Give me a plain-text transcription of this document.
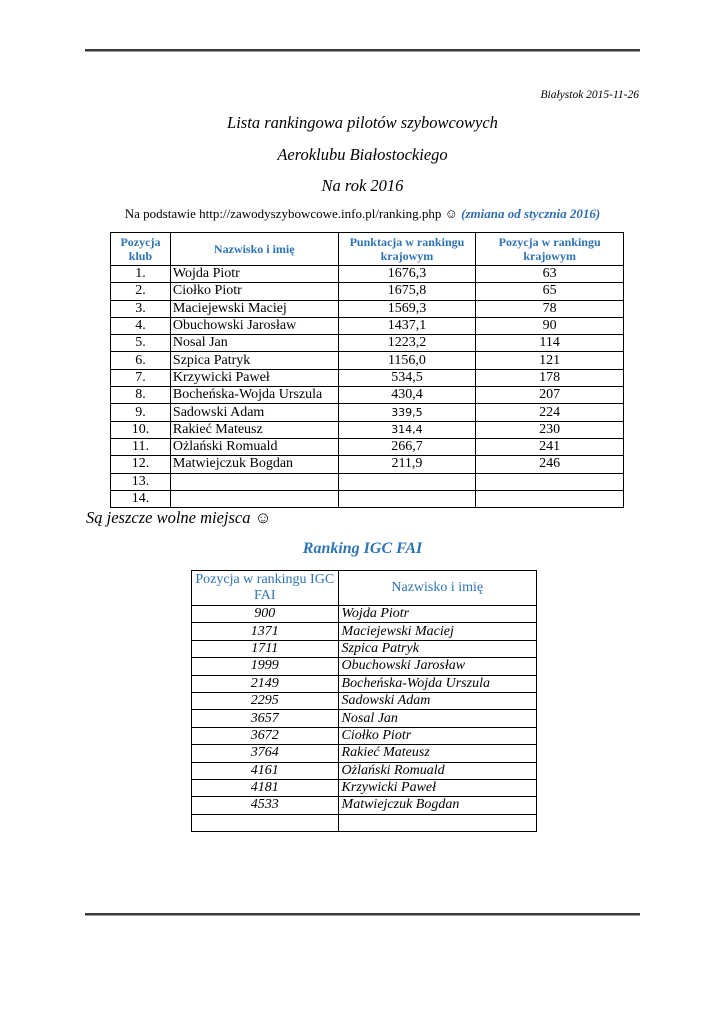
Białystok 2015-11-26
Lista rankingowa pilotów szybowcowych
Aeroklubu Białostockiego
Na rok 2016
Na podstawie http://zawodyszybowcowe.info.pl/ranking.php ☺ (zmiana od stycznia 2016)
Pozycja klub	Nazwisko i imię	Punktacja w rankingu krajowym	Pozycja w rankingu krajowym
1.	Wojda Piotr	1676,3	63
2.	Ciołko Piotr	1675,8	65
3.	Maciejewski Maciej	1569,3	78
4.	Obuchowski Jarosław	1437,1	90
5.	Nosal Jan	1223,2	114
6.	Szpica Patryk	1156,0	121
7.	Krzywicki Paweł	534,5	178
8.	Bocheńska-Wojda Urszula	430,4	207
9.	Sadowski Adam	339,5	224
10.	Rakieć Mateusz	314,4	230
11.	Ożlański Romuald	266,7	241
12.	Matwiejczuk Bogdan	211,9	246
13.			
14.			
Są jeszcze wolne miejsca ☺
Ranking IGC FAI
Pozycja w rankingu IGC FAI	Nazwisko i imię
900	Wojda Piotr
1371	Maciejewski Maciej
1711	Szpica Patryk
1999	Obuchowski Jarosław
2149	Bocheńska-Wojda Urszula
2295	Sadowski Adam
3657	Nosal Jan
3672	Ciołko Piotr
3764	Rakieć Mateusz
4161	Ożlański Romuald
4181	Krzywicki Paweł
4533	Matwiejczuk Bogdan
